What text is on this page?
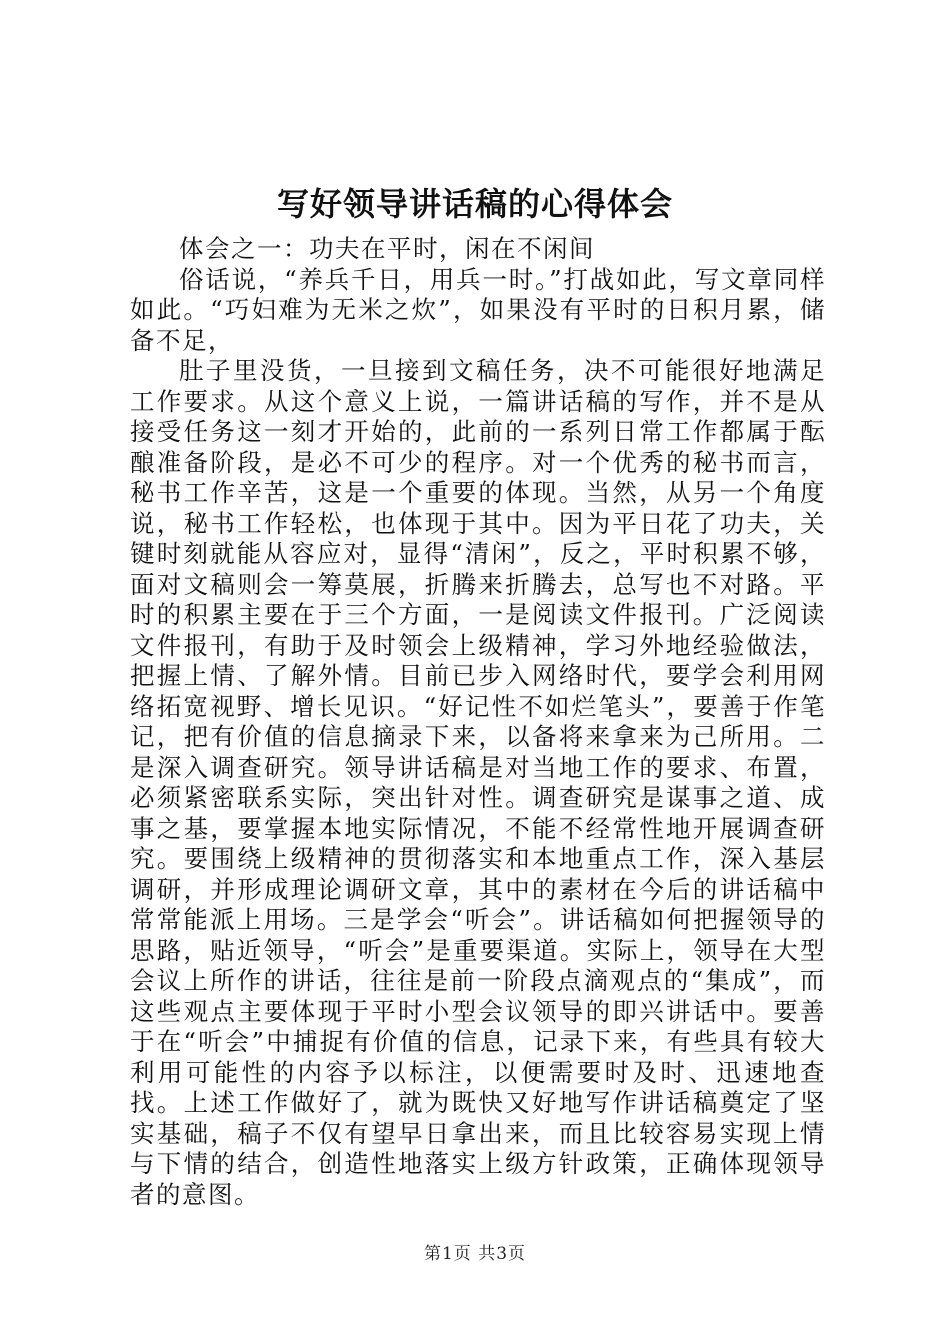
写好领导讲话稿的心得体会

体会之一：功夫在平时，闲在不闲间

俗话说，“养兵千日，用兵一时。”打战如此，写文章同样如此。“巧妇难为无米之炊”，如果没有平时的日积月累，储备不足，

肚子里没货，一旦接到文稿任务，决不可能很好地满足工作要求。从这个意义上说，一篇讲话稿的写作，并不是从接受任务这一刻才开始的，此前的一系列日常工作都属于酝酿准备阶段，是必不可少的程序。对一个优秀的秘书而言，秘书工作辛苦，这是一个重要的体现。当然，从另一个角度说，秘书工作轻松，也体现于其中。因为平日花了功夫，关键时刻就能从容应对，显得“清闲”，反之，平时积累不够，面对文稿则会一筹莫展，折腾来折腾去，总写也不对路。平时的积累主要在于三个方面，一是阅读文件报刊。广泛阅读文件报刊，有助于及时领会上级精神，学习外地经验做法，把握上情、了解外情。目前已步入网络时代，要学会利用网络拓宽视野、增长见识。“好记性不如烂笔头”，要善于作笔记，把有价值的信息摘录下来，以备将来拿来为己所用。二是深入调查研究。领导讲话稿是对当地工作的要求、布置，必须紧密联系实际，突出针对性。调查研究是谋事之道、成事之基，要掌握本地实际情况，不能不经常性地开展调查研究。要围绕上级精神的贯彻落实和本地重点工作，深入基层调研，并形成理论调研文章，其中的素材在今后的讲话稿中常常能派上用场。三是学会“听会”。讲话稿如何把握领导的思路，贴近领导，“听会”是重要渠道。实际上，领导在大型会议上所作的讲话，往往是前一阶段点滴观点的“集成”，而这些观点主要体现于平时小型会议领导的即兴讲话中。要善于在“听会”中捕捉有价值的信息，记录下来，有些具有较大利用可能性的内容予以标注，以便需要时及时、迅速地查找。上述工作做好了，就为既快又好地写作讲话稿奠定了坚实基础，稿子不仅有望早日拿出来，而且比较容易实现上情与下情的结合，创造性地落实上级方针政策，正确体现领导者的意图。

第1页 共3页
